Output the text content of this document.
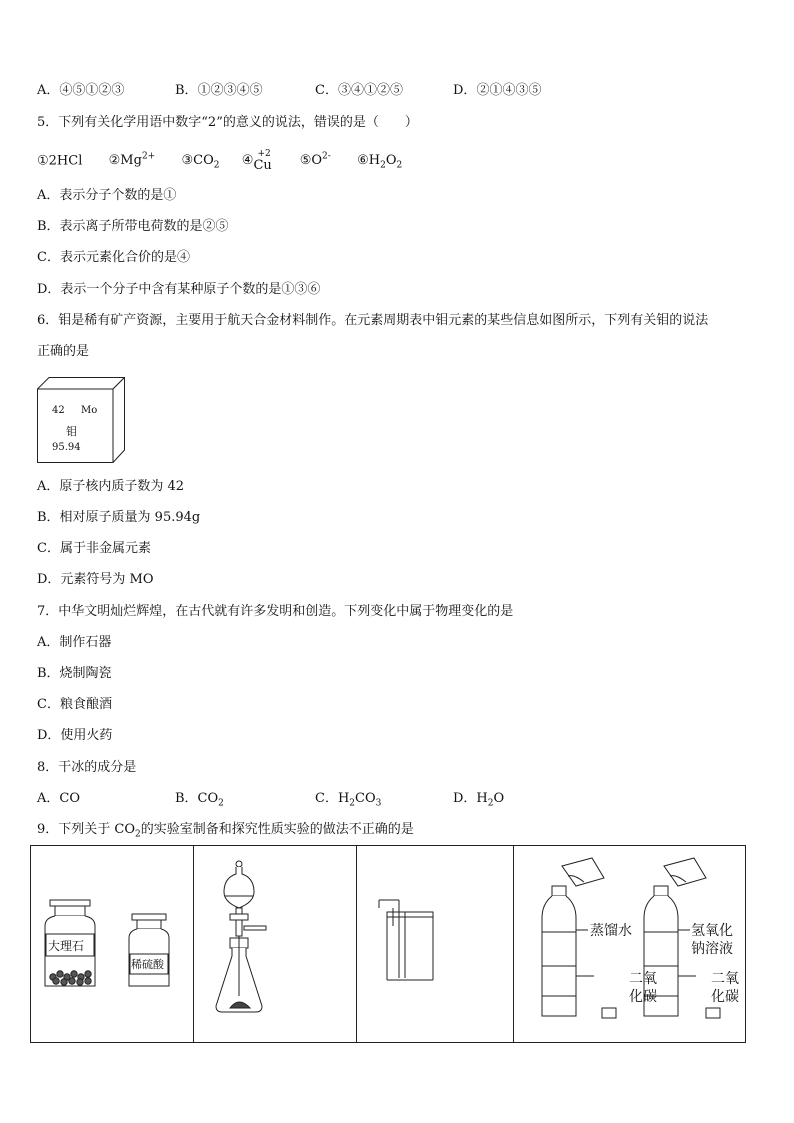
A．④⑤①②③	B．①②③④⑤	C．③④①②⑤	D．②①④③⑤
5．下列有关化学用语中数字“2”的意义的说法，错误的是（　　）
①2HCl $②Mg^{2+}$ $③CO_2$ ④ +2
Cu $⑤O^{2-}$ $⑥H_2O_2$
A．表示分子个数的是①
B．表示离子所带电荷数的是②⑤
C．表示元素化合价的是④
D．表示一个分子中含有某种原子个数的是①③⑥
6．钼是稀有矿产资源，主要用于航天合金材料制作。在元素周期表中钼元素的某些信息如图所示，下列有关钼的说法
正确的是
42 Mo
钼
95.94
A．原子核内质子数为 42
B．相对原子质量为 95.94g
C．属于非金属元素
D．元素符号为 MO
7．中华文明灿烂辉煌，在古代就有许多发明和创造。下列变化中属于物理变化的是
A．制作石器
B．烧制陶瓷
C．粮食酿酒
D．使用火药
8．干冰的成分是
A．CO	B．$CO_2$	C．$H_2CO_3$	D．$H_2O$
9．下列关于 $CO_2$的实验室制备和探究性质实验的做法不正确的是
大理石
稀硫酸
蒸馏水
二氧
化碳
氢氧化
钠溶液
二氧
化碳
